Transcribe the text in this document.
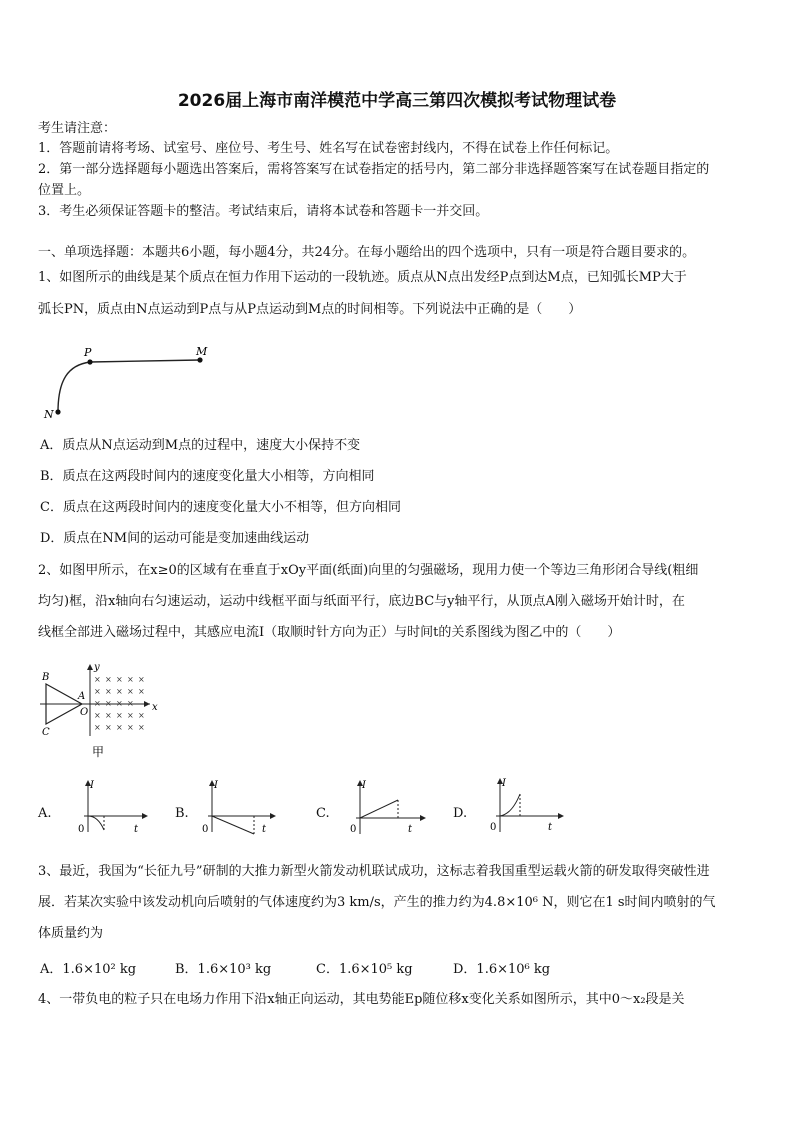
2026届上海市南洋模范中学高三第四次模拟考试物理试卷
考生请注意：
1．答题前请将考场、试室号、座位号、考生号、姓名写在试卷密封线内，不得在试卷上作任何标记。
2．第一部分选择题每小题选出答案后，需将答案写在试卷指定的括号内，第二部分非选择题答案写在试卷题目指定的
位置上。
3．考生必须保证答题卡的整洁。考试结束后，请将本试卷和答题卡一并交回。
一、单项选择题：本题共6小题，每小题4分，共24分。在每小题给出的四个选项中，只有一项是符合题目要求的。
1、如图所示的曲线是某个质点在恒力作用下运动的一段轨迹。质点从N点出发经P点到达M点，已知弧长MP大于
弧长PN，质点由N点运动到P点与从P点运动到M点的时间相等。下列说法中正确的是（　　）
P	M
N
A．质点从N点运动到M点的过程中，速度大小保持不变
B．质点在这两段时间内的速度变化量大小相等，方向相同
C．质点在这两段时间内的速度变化量大小不相等，但方向相同
D．质点在NM间的运动可能是变加速曲线运动
2、如图甲所示，在x≥0的区域有在垂直于xOy平面(纸面)向里的匀强磁场，现用力使一个等边三角形闭合导线(粗细
均匀)框，沿x轴向右匀速运动，运动中线框平面与纸面平行，底边BC与y轴平行，从顶点A刚入磁场开始计时，在
线框全部进入磁场过程中，其感应电流I（取顺时针方向为正）与时间t的关系图线为图乙中的（　　）
× × × × ×
× × × × ×
× × × ×
× × × × ×
× × × × ×
B
C
A
O	x
y
甲
A.
I
t
0
B.
I
t
0
C.
I
t
0
D.
I
t
0
3、最近，我国为“长征九号”研制的大推力新型火箭发动机联试成功，这标志着我国重型运载火箭的研发取得突破性进
展．若某次实验中该发动机向后喷射的气体速度约为3 km/s，产生的推力约为4.8×10⁶ N，则它在1 s时间内喷射的气
体质量约为
A．1.6×10² kg	B．1.6×10³ kg	C．1.6×10⁵ kg	D．1.6×10⁶ kg
4、一带负电的粒子只在电场力作用下沿x轴正向运动，其电势能Ep随位移x变化关系如图所示，其中0～x₂段是关
